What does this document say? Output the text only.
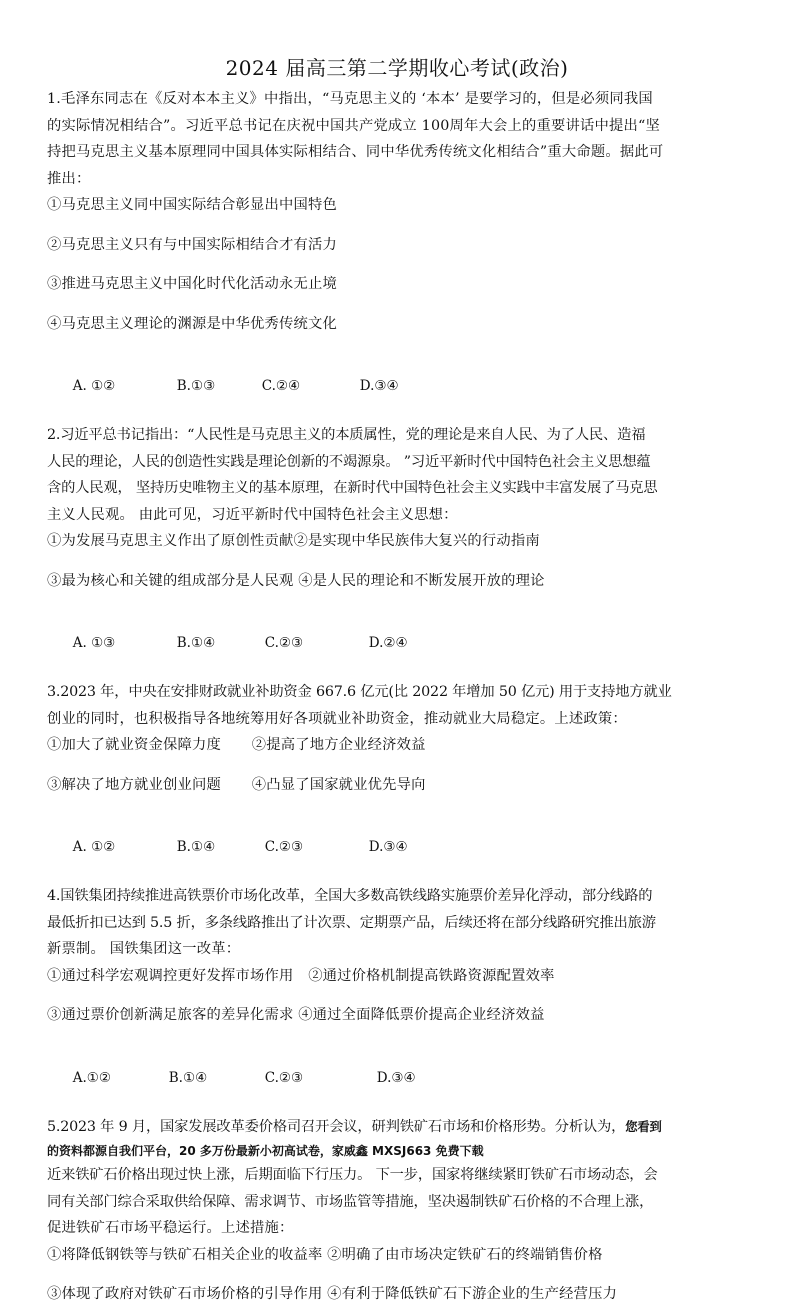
2024 届高三第二学期收心考试(政治)
1.毛泽东同志在《反对本本主义》中指出，“马克思主义的 ‘本本’ 是要学习的，但是必须同我国
的实际情况相结合”。习近平总书记在庆祝中国共产党成立 100周年大会上的重要讲话中提出“坚
持把马克思主义基本原理同中国具体实际相结合、同中华优秀传统文化相结合”重大命题。据此可
推出：
①马克思主义同中国实际结合彰显出中国特色
②马克思主义只有与中国实际相结合才有活力
③推进马克思主义中国化时代化活动永无止境
④马克思主义理论的渊源是中华优秀传统文化

A. ①②	B.①③	C.②④	D.③④

2.习近平总书记指出：“人民性是马克思主义的本质属性，党的理论是来自人民、为了人民、造福
人民的理论，人民的创造性实践是理论创新的不竭源泉。 ”习近平新时代中国特色社会主义思想蕴
含的人民观， 坚持历史唯物主义的基本原理，在新时代中国特色社会主义实践中丰富发展了马克思
主义人民观。 由此可见，习近平新时代中国特色社会主义思想：
①为发展马克思主义作出了原创性贡献②是实现中华民族伟大复兴的行动指南
③最为核心和关键的组成部分是人民观 ④是人民的理论和不断发展开放的理论

A. ①③	B.①④	C.②③	D.②④

3.2023 年，中央在安排财政就业补助资金 667.6 亿元(比 2022 年增加 50 亿元) 用于支持地方就业
创业的同时，也积极指导各地统筹用好各项就业补助资金，推动就业大局稳定。上述政策：
①加大了就业资金保障力度 ②提高了地方企业经济效益
③解决了地方就业创业问题 ④凸显了国家就业优先导向

A. ①②	B.①④	C.②③	D.③④

4.国铁集团持续推进高铁票价市场化改革，全国大多数高铁线路实施票价差异化浮动，部分线路的
最低折扣已达到 5.5 折，多条线路推出了计次票、定期票产品，后续还将在部分线路研究推出旅游
新票制。 国铁集团这一改革：
①通过科学宏观调控更好发挥市场作用 ②通过价格机制提高铁路资源配置效率
③通过票价创新满足旅客的差异化需求 ④通过全面降低票价提高企业经济效益

A.①②	B.①④	C.②③	D.③④

5.2023 年 9 月，国家发展改革委价格司召开会议，研判铁矿石市场和价格形势。分析认为，您看到
的资料都源自我们平台，20 多万份最新小初高试卷，家威鑫 MXSJ663 免费下载
近来铁矿石价格出现过快上涨，后期面临下行压力。 下一步，国家将继续紧盯铁矿石市场动态，会
同有关部门综合采取供给保障、需求调节、市场监管等措施，坚决遏制铁矿石价格的不合理上涨，
促进铁矿石市场平稳运行。上述措施：
①将降低钢铁等与铁矿石相关企业的收益率 ②明确了由市场决定铁矿石的终端销售价格
③体现了政府对铁矿石市场价格的引导作用 ④有利于降低铁矿石下游企业的生产经营压力
